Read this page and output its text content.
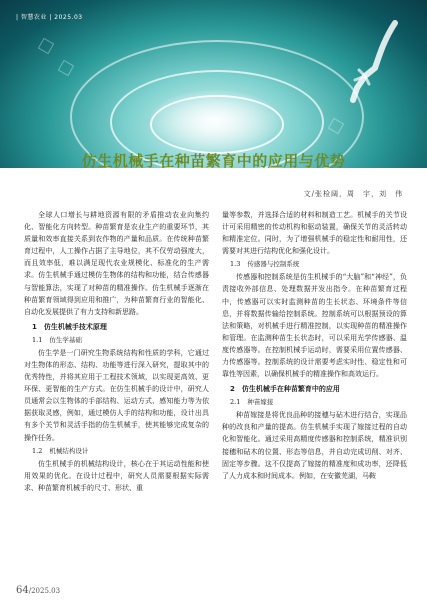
| 智慧农业 | 2025.03
仿生机械手在种苗繁育中的应用与优势
文/张检阔，周　宇，刘　伟

全球人口增长与耕地资源有限的矛盾推动农业向集约化、智能化方向转型。种苗繁育是农业生产的重要环节，其质量和效率直接关系到农作物的产量和品质。在传统种苗繁育过程中，人工操作占据了主导地位，其不仅劳动强度大，而且效率低，难以满足现代农业规模化、标准化的生产需求。仿生机械手通过模仿生物体的结构和功能，结合传感器与智能算法，实现了对种苗的精准操作。仿生机械手逐渐在种苗繁育领域得到应用和推广，为种苗繁育行业的智能化、自动化发展提供了有力支持和新思路。

1　 仿生机械手技术原理
1.1 仿生学基础

仿生学是一门研究生物系统结构和性质的学科，它通过对生物体的形态、结构、功能等进行深入研究，提取其中的优秀特性，并将其应用于工程技术领域，以实现更高效、更环保、更智能的生产方式。在仿生机械手的设计中，研究人员通常会以生物体的手部结构、运动方式、感知能力等为依据获取灵感，例如，通过模仿人手的结构和功能，设计出具有多个关节和灵活手指的仿生机械手，使其能够完成复杂的操作任务。

1.2 机械结构设计

仿生机械手的机械结构设计，核心在于其运动性能和使用效果的优化。在设计过程中，研究人员需要根据实际需求、种苗繁育机械手的尺寸、形状、重

量等参数，并选择合适的材料和制造工艺。机械手的关节设计可采用精密的传动机构和驱动装置，确保关节的灵活转动和精准定位。同时，为了增强机械手的稳定性和耐用性，还需要对其进行结构优化和强化设计。

1.3 传感器与控制系统

传感器和控制系统是仿生机械手的“大脑”和“神经”，负责接收外部信息、处理数据并发出指令。在种苗繁育过程中，传感器可以实时监测种苗的生长状态、环境条件等信息，并将数据传输给控制系统。控制系统可以根据预设的算法和策略，对机械手进行精准控制，以实现种苗的精准操作和管理。在监测种苗生长状态时，可以采用光学传感器、温度传感器等。在控制机械手运动时，需要采用位置传感器、力传感器等。控制系统的设计需要考虑实时性、稳定性和可靠性等因素，以确保机械手的精准操作和高效运行。

2　 仿生机械手在种苗繁育中的应用
2.1 种苗嫁接

种苗嫁接是将优良品种的接穗与砧木进行结合，实现品种的改良和产量的提高。仿生机械手实现了嫁接过程的自动化和智能化。通过采用高精度传感器和控制系统，精准识别接穗和砧木的位置、形态等信息，并自动完成切削、对齐、固定等步骤。这不仅提高了嫁接的精准度和成功率，还降低了人力成本和时间成本。例如，在安徽芜湖，马鞍

64/2025.03
